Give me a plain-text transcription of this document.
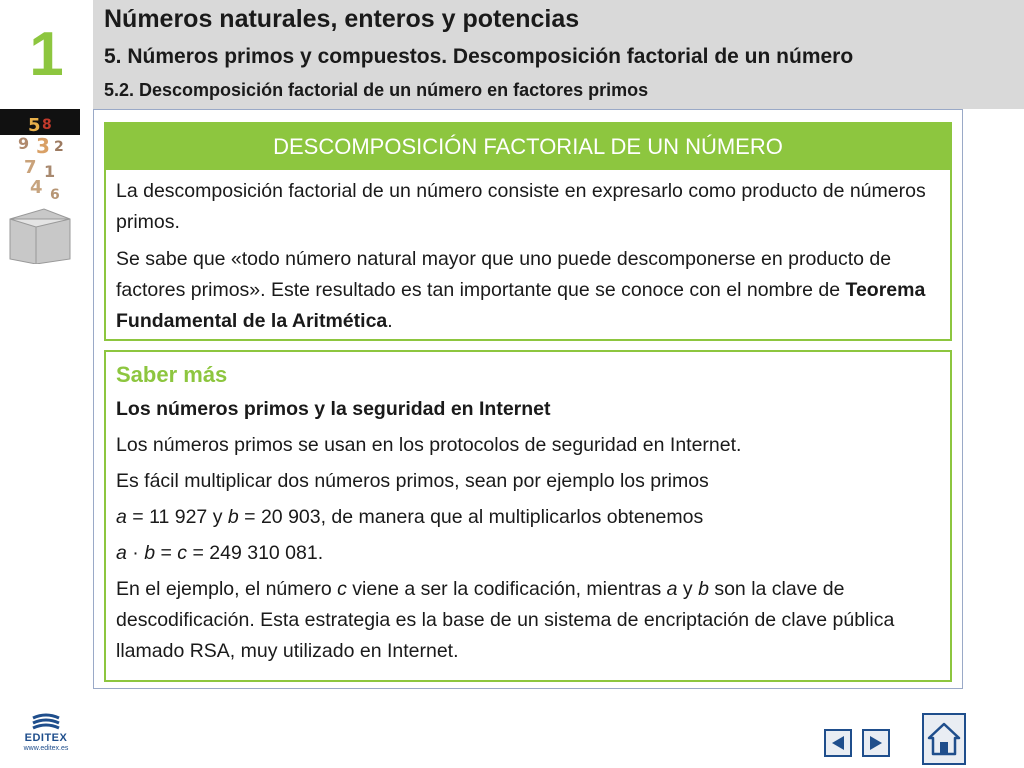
1
Números naturales, enteros y potencias
5. Números primos y compuestos. Descomposición factorial de un número
5.2. Descomposición factorial de un número en factores primos
5 8
9 3 2
7 1
4 6
DESCOMPOSICIÓN FACTORIAL DE UN NÚMERO

La descomposición factorial de un número consiste en expresarlo como producto de números primos.

Se sabe que «todo número natural mayor que uno puede descomponerse en producto de factores primos». Este resultado es tan importante que se conoce con el nombre de Teorema Fundamental de la Aritmética.

Saber más

Los números primos y la seguridad en Internet

Los números primos se usan en los protocolos de seguridad en Internet.

Es fácil multiplicar dos números primos, sean por ejemplo los primos

a = 11 927 y b = 20 903, de manera que al multiplicarlos obtenemos

a · b = c = 249 310 081.

En el ejemplo, el número c viene a ser la codificación, mientras a y b son la clave de descodificación. Esta estrategia es la base de un sistema de encriptación de clave pública llamado RSA, muy utilizado en Internet.

EDITEX
www.editex.es
